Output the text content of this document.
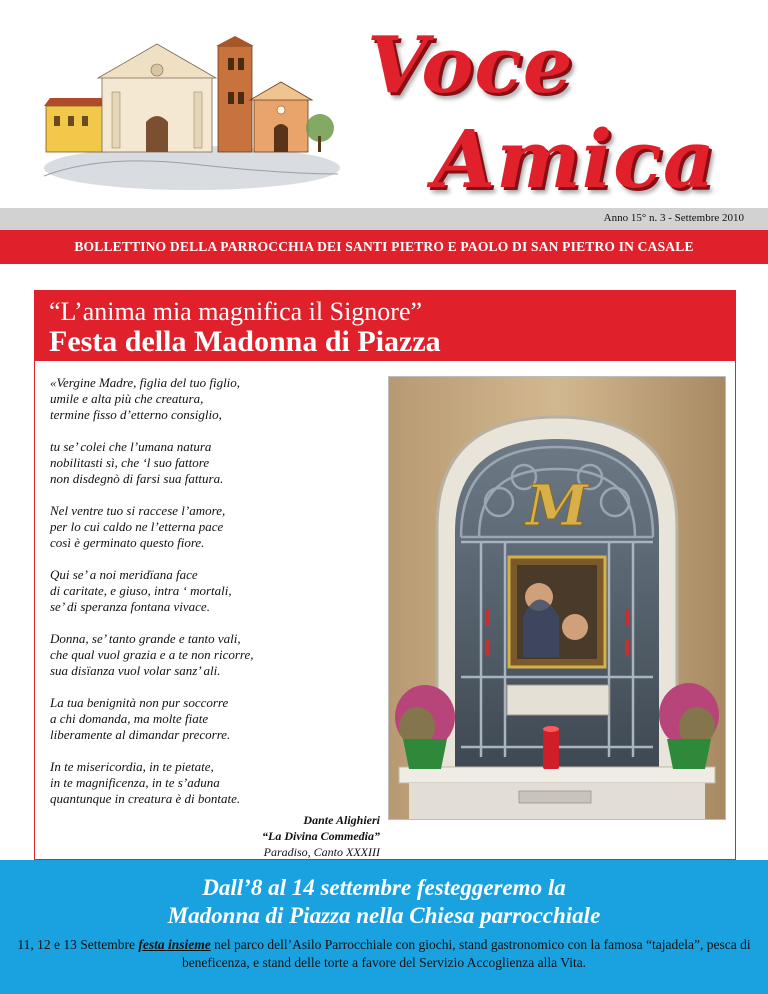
Voce
Amica
Anno 15° n. 3 - Settembre 2010
BOLLETTINO DELLA PARROCCHIA DEI SANTI PIETRO E PAOLO DI SAN PIETRO IN CASALE
“L’anima mia magnifica il Signore”
Festa della Madonna di Piazza
«Vergine Madre, figlia del tuo figlio,
umile e alta più che creatura,
termine fisso d’etterno consiglio,
tu se’ colei che l’umana natura
nobilitasti sì, che ‘l suo fattore
non disdegnò di farsi sua fattura.
Nel ventre tuo si raccese l’amore,
per lo cui caldo ne l’etterna pace
così è germinato questo fiore.
Qui se’ a noi meridïana face
di caritate, e giuso, intra ‘ mortali,
se’ di speranza fontana vivace.
Donna, se’ tanto grande e tanto vali,
che qual vuol grazia e a te non ricorre,
sua disïanza vuol volar sanz’ ali.
La tua benignità non pur soccorre
a chi domanda, ma molte fiate
liberamente al dimandar precorre.
In te misericordia, in te pietate,
in te magnificenza, in te s’aduna
quantunque in creatura è di bontate.
Dante Alighieri
“La Divina Commedia”
Paradiso, Canto XXXIII
M
Dall’8 al 14 settembre festeggeremo la
Madonna di Piazza nella Chiesa parrocchiale
11, 12 e 13 Settembre festa insieme nel parco dell’Asilo Parrocchiale con giochi, stand gastronomico con la famosa “tajadela”, pesca di beneficenza, e stand delle torte a favore del Servizio Accoglienza alla Vita.
